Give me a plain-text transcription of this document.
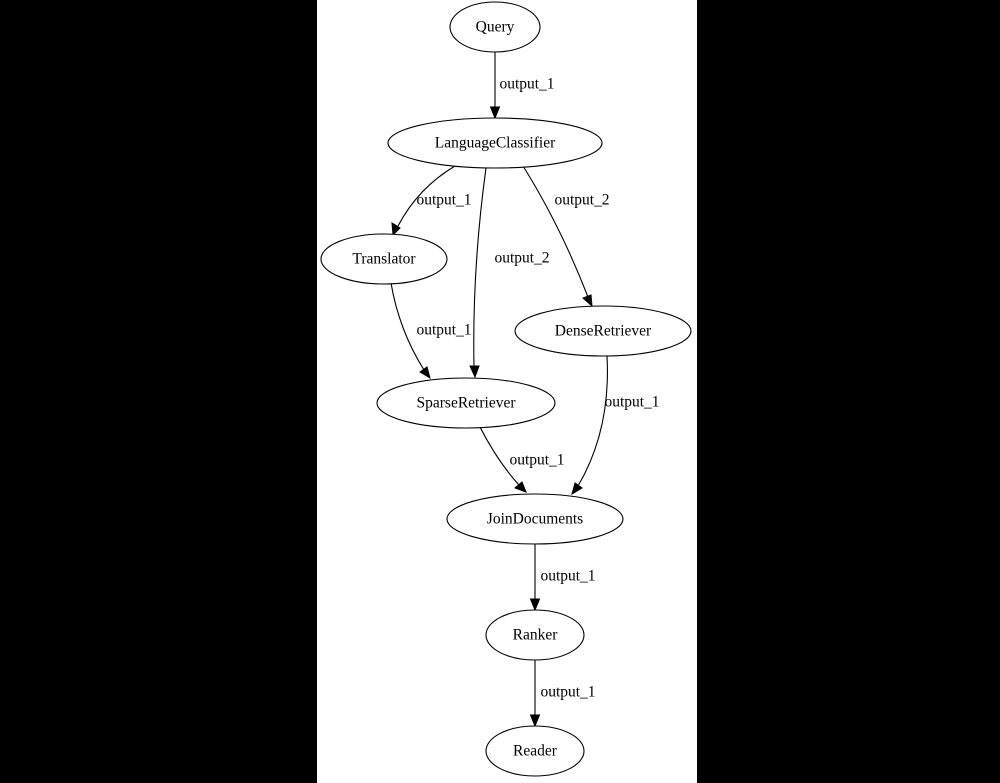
output_1
output_1
output_2
output_2
output_1
output_1
output_1
output_1
output_1
Query
LanguageClassifier
Translator
DenseRetriever
SparseRetriever
JoinDocuments
Ranker
Reader
